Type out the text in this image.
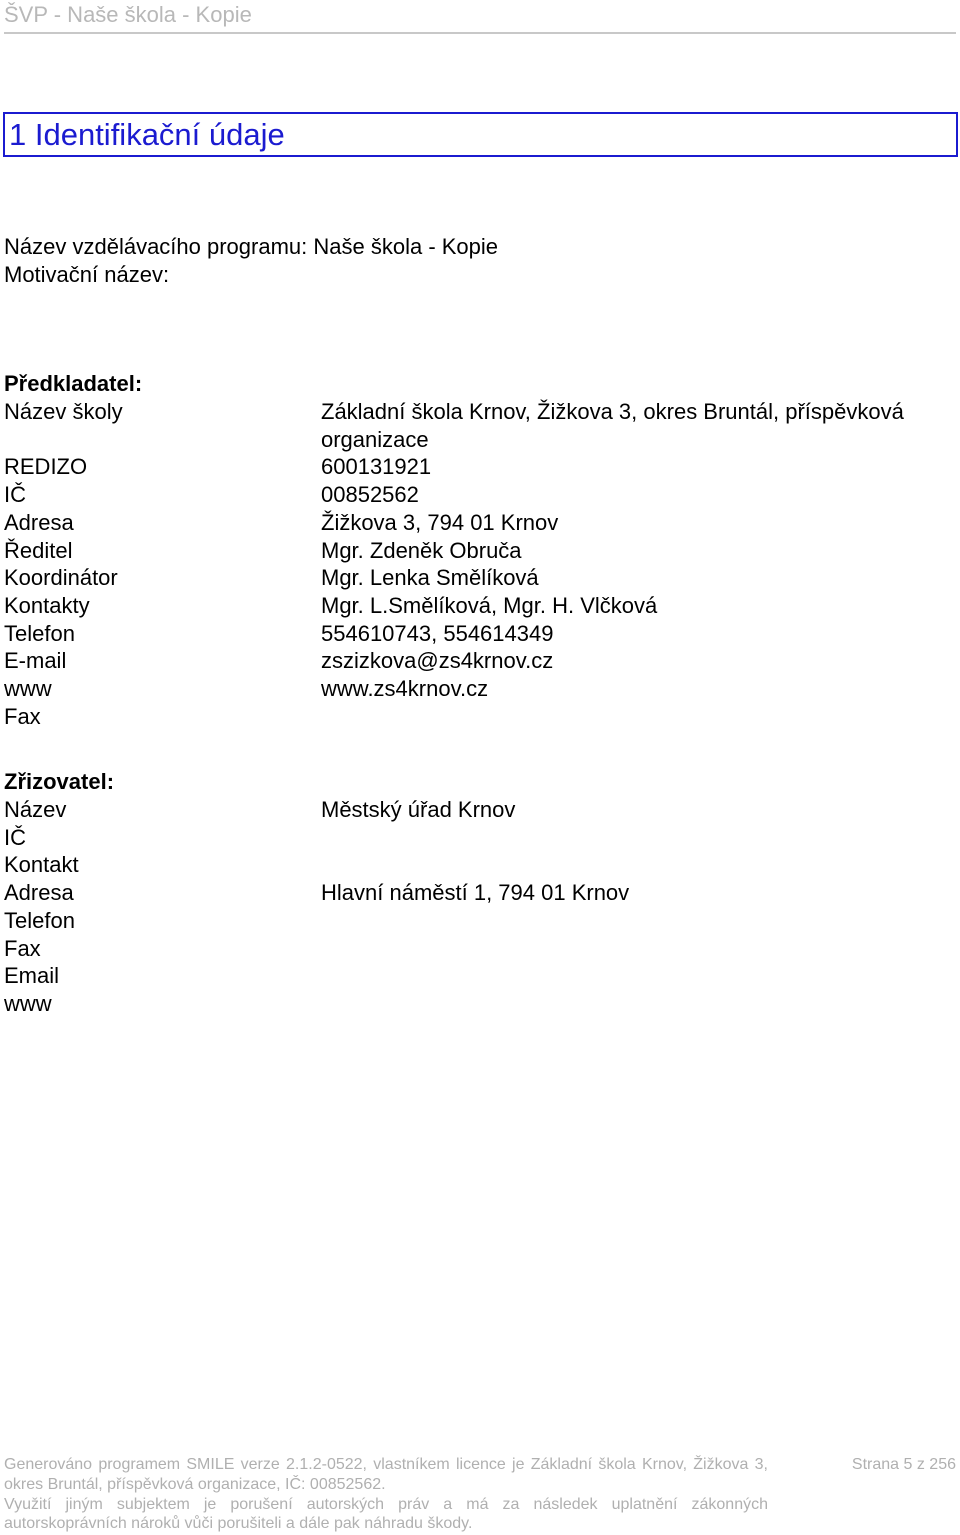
ŠVP - Naše škola - Kopie
1 Identifikační údaje
Název vzdělávacího programu: Naše škola - Kopie
Motivační název:
Předkladatel:
Název školy	Základní škola Krnov, Žižkova 3, okres Bruntál, příspěvková organizace
REDIZO	600131921
IČ	00852562
Adresa	Žižkova 3, 794 01 Krnov
Ředitel	Mgr. Zdeněk Obruča
Koordinátor	Mgr. Lenka Smělíková
Kontakty	Mgr. L.Smělíková, Mgr. H. Vlčková
Telefon	554610743, 554614349
E-mail	zszizkova@zs4krnov.cz
www	www.zs4krnov.cz
Fax	
Zřizovatel:
Název	Městský úřad Krnov
IČ	
Kontakt	
Adresa	Hlavní náměstí 1, 794 01 Krnov
Telefon	
Fax	
Email	
www	
Generováno programem SMILE verze 2.1.2-0522, vlastníkem licence je Základní škola Krnov, Žižkova 3,
okres Bruntál, příspěvková organizace, IČ: 00852562.
Využití jiným subjektem je porušení autorských práv a má za následek uplatnění zákonných
autorskoprávních nároků vůči porušiteli a dále pak náhradu škody.
Strana 5 z 256
